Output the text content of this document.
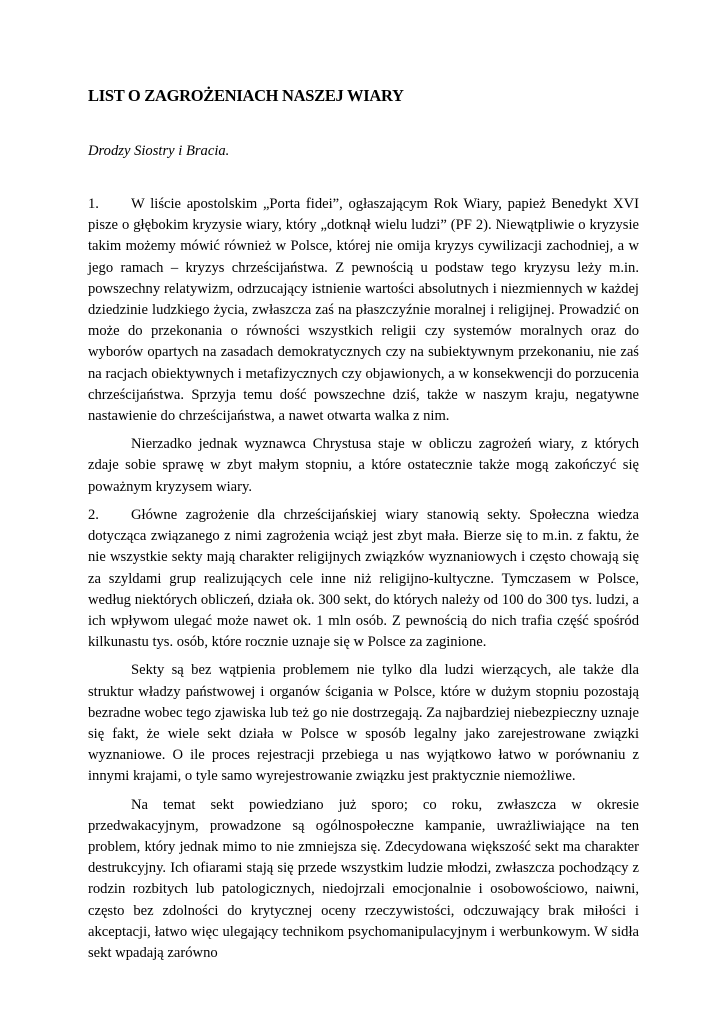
LIST O ZAGROŻENIACH NASZEJ WIARY

Drodzy Siostry i Bracia.

1. W liście apostolskim „Porta fidei”, ogłaszającym Rok Wiary, papież Benedykt XVI pisze o głębokim kryzysie wiary, który „dotknął wielu ludzi” (PF 2). Niewątpliwie o kryzysie takim możemy mówić również w Polsce, której nie omija kryzys cywilizacji zachodniej, a w jego ramach – kryzys chrześcijaństwa. Z pewnością u podstaw tego kryzysu leży m.in. powszechny relatywizm, odrzucający istnienie wartości absolutnych i niezmiennych w każdej dziedzinie ludzkiego życia, zwłaszcza zaś na płaszczyźnie moralnej i religijnej. Prowadzić on może do przekonania o równości wszystkich religii czy systemów moralnych oraz do wyborów opartych na zasadach demokratycznych czy na subiektywnym przekonaniu, nie zaś na racjach obiektywnych i metafizycznych czy objawionych, a w konsekwencji do porzucenia chrześcijaństwa. Sprzyja temu dość powszechne dziś, także w naszym kraju, negatywne nastawienie do chrześcijaństwa, a nawet otwarta walka z nim.

Nierzadko jednak wyznawca Chrystusa staje w obliczu zagrożeń wiary, z których zdaje sobie sprawę w zbyt małym stopniu, a które ostatecznie także mogą zakończyć się poważnym kryzysem wiary.

2. Główne zagrożenie dla chrześcijańskiej wiary stanowią sekty. Społeczna wiedza dotycząca związanego z nimi zagrożenia wciąż jest zbyt mała. Bierze się to m.in. z faktu, że nie wszystkie sekty mają charakter religijnych związków wyznaniowych i często chowają się za szyldami grup realizujących cele inne niż religijno-kultyczne. Tymczasem w Polsce, według niektórych obliczeń, działa ok. 300 sekt, do których należy od 100 do 300 tys. ludzi, a ich wpływom ulegać może nawet ok. 1 mln osób. Z pewnością do nich trafia część spośród kilkunastu tys. osób, które rocznie uznaje się w Polsce za zaginione.

Sekty są bez wątpienia problemem nie tylko dla ludzi wierzących, ale także dla struktur władzy państwowej i organów ścigania w Polsce, które w dużym stopniu pozostają bezradne wobec tego zjawiska lub też go nie dostrzegają. Za najbardziej niebezpieczny uznaje się fakt, że wiele sekt działa w Polsce w sposób legalny jako zarejestrowane związki wyznaniowe. O ile proces rejestracji przebiega u nas wyjątkowo łatwo w porównaniu z innymi krajami, o tyle samo wyrejestrowanie związku jest praktycznie niemożliwe.

Na temat sekt powiedziano już sporo; co roku, zwłaszcza w okresie przedwakacyjnym, prowadzone są ogólnospołeczne kampanie, uwrażliwiające na ten problem, który jednak mimo to nie zmniejsza się. Zdecydowana większość sekt ma charakter destrukcyjny. Ich ofiarami stają się przede wszystkim ludzie młodzi, zwłaszcza pochodzący z rodzin rozbitych lub patologicznych, niedojrzali emocjonalnie i osobowościowo, naiwni, często bez zdolności do krytycznej oceny rzeczywistości, odczuwający brak miłości i akceptacji, łatwo więc ulegający technikom psychomanipulacyjnym i werbunkowym. W sidła sekt wpadają zarówno
